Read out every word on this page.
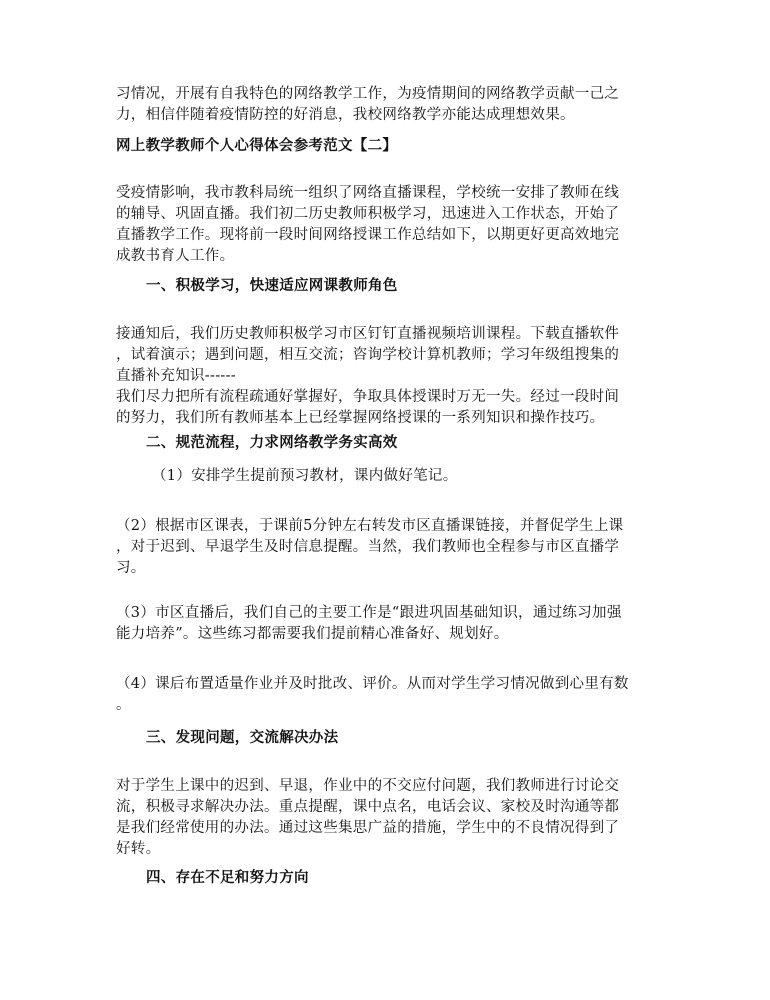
习情况，开展有自我特色的网络教学工作，为疫情期间的网络教学贡献一己之
力，相信伴随着疫情防控的好消息，我校网络教学亦能达成理想效果。
网上教学教师个人心得体会参考范文【二】
受疫情影响，我市教科局统一组织了网络直播课程，学校统一安排了教师在线
的辅导、巩固直播。我们初二历史教师积极学习，迅速进入工作状态，开始了
直播教学工作。现将前一段时间网络授课工作总结如下，以期更好更高效地完
成教书育人工作。
一、积极学习，快速适应网课教师角色
接通知后，我们历史教师积极学习市区钉钉直播视频培训课程。下载直播软件
，试着演示；遇到问题，相互交流；咨询学校计算机教师；学习年级组搜集的
直播补充知识------
我们尽力把所有流程疏通好掌握好，争取具体授课时万无一失。经过一段时间
的努力，我们所有教师基本上已经掌握网络授课的一系列知识和操作技巧。
二、规范流程，力求网络教学务实高效
（1）安排学生提前预习教材，课内做好笔记。
（2）根据市区课表，于课前5分钟左右转发市区直播课链接，并督促学生上课
，对于迟到、早退学生及时信息提醒。当然，我们教师也全程参与市区直播学
习。
（3）市区直播后，我们自己的主要工作是“跟进巩固基础知识，通过练习加强
能力培养”。这些练习都需要我们提前精心准备好、规划好。
（4）课后布置适量作业并及时批改、评价。从而对学生学习情况做到心里有数
。
三、发现问题，交流解决办法
对于学生上课中的迟到、早退，作业中的不交应付问题，我们教师进行讨论交
流，积极寻求解决办法。重点提醒，课中点名，电话会议、家校及时沟通等都
是我们经常使用的办法。通过这些集思广益的措施，学生中的不良情况得到了
好转。
四、存在不足和努力方向
